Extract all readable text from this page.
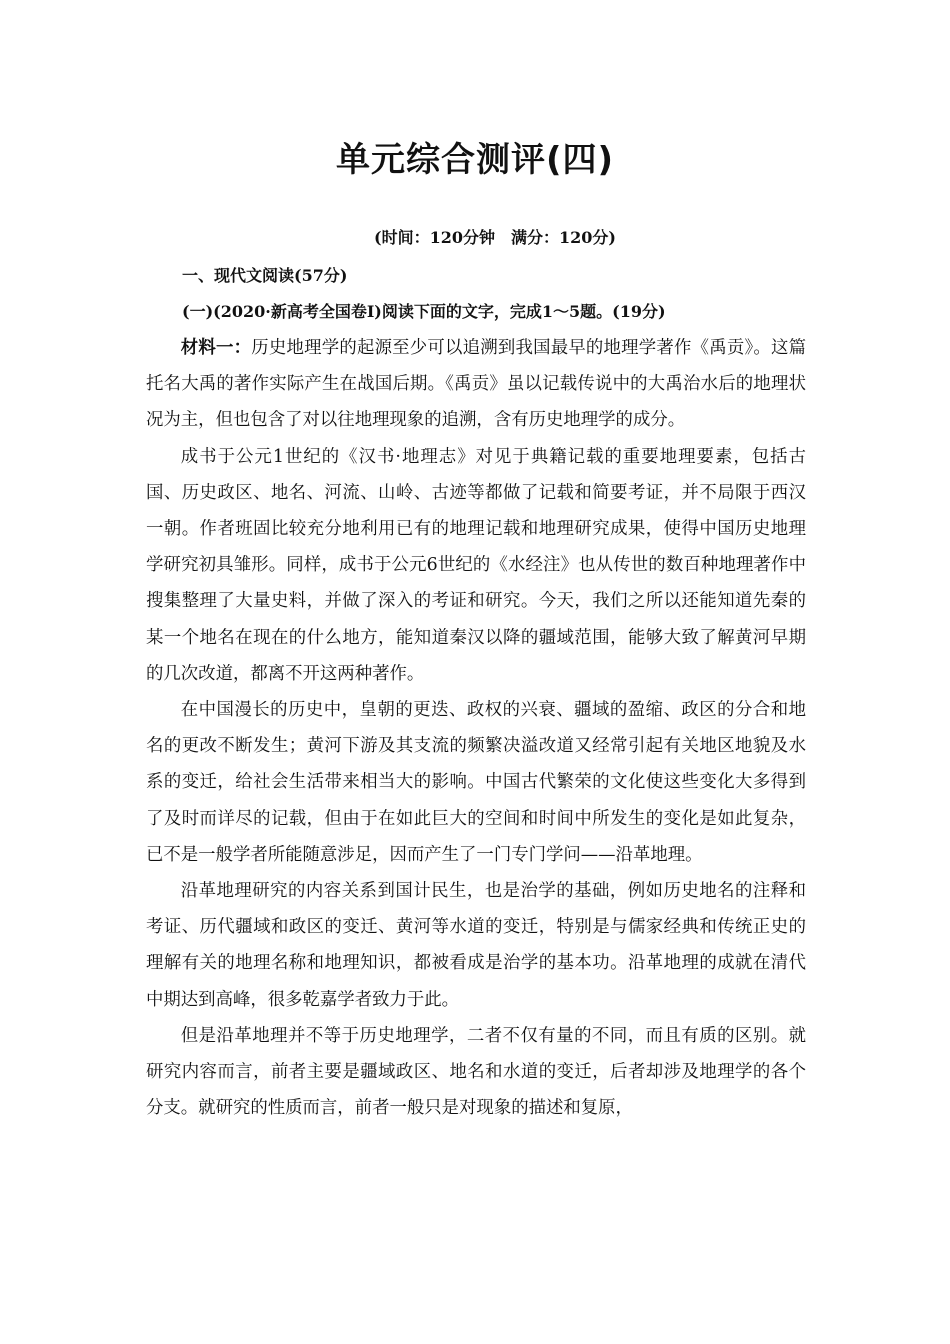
单元综合测评(四)
(时间：120分钟　满分：120分)
一、现代文阅读(57分)
(一)(2020·新高考全国卷Ⅰ)阅读下面的文字，完成1～5题。(19分)

材料一：历史地理学的起源至少可以追溯到我国最早的地理学著作《禹贡》。这篇托名大禹的著作实际产生在战国后期。《禹贡》虽以记载传说中的大禹治水后的地理状况为主，但也包含了对以往地理现象的追溯，含有历史地理学的成分。

成书于公元1世纪的《汉书·地理志》对见于典籍记载的重要地理要素，包括古国、历史政区、地名、河流、山岭、古迹等都做了记载和简要考证，并不局限于西汉一朝。作者班固比较充分地利用已有的地理记载和地理研究成果，使得中国历史地理学研究初具雏形。同样，成书于公元6世纪的《水经注》也从传世的数百种地理著作中搜集整理了大量史料，并做了深入的考证和研究。今天，我们之所以还能知道先秦的某一个地名在现在的什么地方，能知道秦汉以降的疆域范围，能够大致了解黄河早期的几次改道，都离不开这两种著作。

在中国漫长的历史中，皇朝的更迭、政权的兴衰、疆域的盈缩、政区的分合和地名的更改不断发生；黄河下游及其支流的频繁决溢改道又经常引起有关地区地貌及水系的变迁，给社会生活带来相当大的影响。中国古代繁荣的文化使这些变化大多得到了及时而详尽的记载，但由于在如此巨大的空间和时间中所发生的变化是如此复杂，已不是一般学者所能随意涉足，因而产生了一门专门学问——沿革地理。

沿革地理研究的内容关系到国计民生，也是治学的基础，例如历史地名的注释和考证、历代疆域和政区的变迁、黄河等水道的变迁，特别是与儒家经典和传统正史的理解有关的地理名称和地理知识，都被看成是治学的基本功。沿革地理的成就在清代中期达到高峰，很多乾嘉学者致力于此。

但是沿革地理并不等于历史地理学，二者不仅有量的不同，而且有质的区别。就研究内容而言，前者主要是疆域政区、地名和水道的变迁，后者却涉及地理学的各个分支。就研究的性质而言，前者一般只是对现象的描述和复原，
